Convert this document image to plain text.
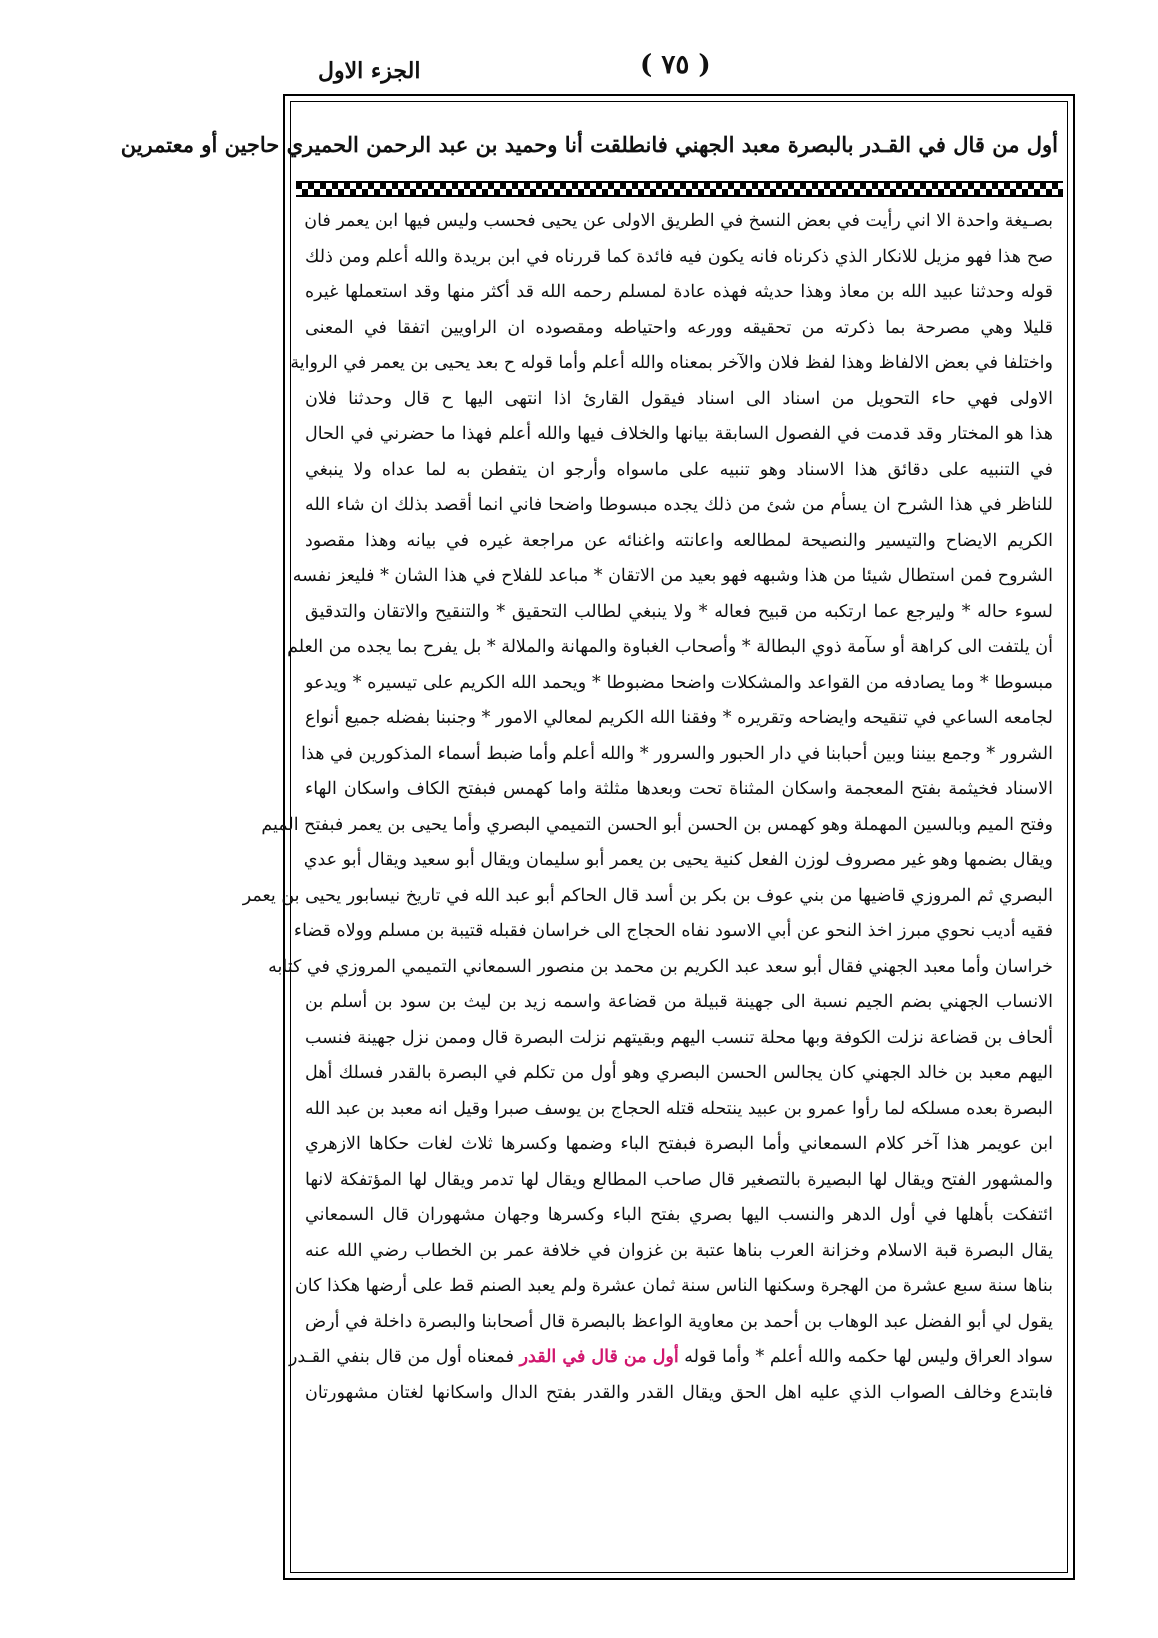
الجزء الاول	( ٧٥ )
أول من قال في القـدر بالبصرة معبد الجهني فانطلقت أنا وحميد بن عبد الرحمن الحميري حاجين أو معتمرين
بصـيغة واحدة الا اني رأيت في بعض النسخ في الطريق الاولى عن يحيى فحسب وليس فيها ابن يعمر فان
صح هذا فهو مزيل للانكار الذي ذكرناه فانه يكون فيه فائدة كما قررناه في ابن بريدة والله أعلم ومن ذلك
قوله وحدثنا عبيد الله بن معاذ وهذا حديثه فهذه عادة لمسلم رحمه الله قد أكثر منها وقد استعملها غيره
قليلا وهي مصرحة بما ذكرته من تحقيقه وورعه واحتياطه ومقصوده ان الراويين اتفقا في المعنى
واختلفا في بعض الالفاظ وهذا لفظ فلان والآخر بمعناه والله أعلم وأما قوله ح بعد يحيى بن يعمر في الرواية
الاولى فهي حاء التحويل من اسناد الى اسناد فيقول القارئ اذا انتهى اليها ح قال وحدثنا فلان
هذا هو المختار وقد قدمت في الفصول السابقة بيانها والخلاف فيها والله أعلم فهذا ما حضرني في الحال
في التنبيه على دقائق هذا الاسناد وهو تنبيه على ماسواه وأرجو ان يتفطن به لما عداه ولا ينبغي
للناظر في هذا الشرح ان يسأم من شئ من ذلك يجده مبسوطا واضحا فاني انما أقصد بذلك ان شاء الله
الكريم الايضاح والتيسير والنصيحة لمطالعه واعانته واغنائه عن مراجعة غيره في بيانه وهذا مقصود
الشروح فمن استطال شيئا من هذا وشبهه فهو بعيد من الاتقان * مباعد للفلاح في هذا الشان * فليعز نفسه
لسوء حاله * وليرجع عما ارتكبه من قبيح فعاله * ولا ينبغي لطالب التحقيق * والتنقيح والاتقان والتدقيق
أن يلتفت الى كراهة أو سآمة ذوي البطالة * وأصحاب الغباوة والمهانة والملالة * بل يفرح بما يجده من العلم
مبسوطا * وما يصادفه من القواعد والمشكلات واضحا مضبوطا * ويحمد الله الكريم على تيسيره * ويدعو
لجامعه الساعي في تنقيحه وايضاحه وتقريره * وفقنا الله الكريم لمعالي الامور * وجنبنا بفضله جميع أنواع
الشرور * وجمع بيننا وبين أحبابنا في دار الحبور والسرور * والله أعلم وأما ضبط أسماء المذكورين في هذا
الاسناد فخيثمة بفتح المعجمة واسكان المثناة تحت وبعدها مثلثة واما كهمس فبفتح الكاف واسكان الهاء
وفتح الميم وبالسين المهملة وهو كهمس بن الحسن أبو الحسن التميمي البصري وأما يحيى بن يعمر فبفتح الميم
ويقال بضمها وهو غير مصروف لوزن الفعل كنية يحيى بن يعمر أبو سليمان ويقال أبو سعيد ويقال أبو عدي
البصري ثم المروزي قاضيها من بني عوف بن بكر بن أسد قال الحاكم أبو عبد الله في تاريخ نيسابور يحيى بن يعمر
فقيه أديب نحوي مبرز اخذ النحو عن أبي الاسود نفاه الحجاج الى خراسان فقبله قتيبة بن مسلم وولاه قضاء
خراسان وأما معبد الجهني فقال أبو سعد عبد الكريم بن محمد بن منصور السمعاني التميمي المروزي في كتابه
الانساب الجهني بضم الجيم نسبة الى جهينة قبيلة من قضاعة واسمه زيد بن ليث بن سود بن أسلم بن
ألحاف بن قضاعة نزلت الكوفة وبها محلة تنسب اليهم وبقيتهم نزلت البصرة قال وممن نزل جهينة فنسب
اليهم معبد بن خالد الجهني كان يجالس الحسن البصري وهو أول من تكلم في البصرة بالقدر فسلك أهل
البصرة بعده مسلكه لما رأوا عمرو بن عبيد ينتحله قتله الحجاج بن يوسف صبرا وقيل انه معبد بن عبد الله
ابن عويمر هذا آخر كلام السمعاني وأما البصرة فبفتح الباء وضمها وكسرها ثلاث لغات حكاها الازهري
والمشهور الفتح ويقال لها البصيرة بالتصغير قال صاحب المطالع ويقال لها تدمر ويقال لها المؤتفكة لانها
ائتفكت بأهلها في أول الدهر والنسب اليها بصري بفتح الباء وكسرها وجهان مشهوران قال السمعاني
يقال البصرة قبة الاسلام وخزانة العرب بناها عتبة بن غزوان في خلافة عمر بن الخطاب رضي الله عنه
بناها سنة سبع عشرة من الهجرة وسكنها الناس سنة ثمان عشرة ولم يعبد الصنم قط على أرضها هكذا كان
يقول لي أبو الفضل عبد الوهاب بن أحمد بن معاوية الواعظ بالبصرة قال أصحابنا والبصرة داخلة في أرض
سواد العراق وليس لها حكمه والله أعلم * وأما قوله أول من قال في القدر فمعناه أول من قال بنفي القـدر
فابتدع وخالف الصواب الذي عليه اهل الحق ويقال القدر والقدر بفتح الدال واسكانها لغتان مشهورتان
